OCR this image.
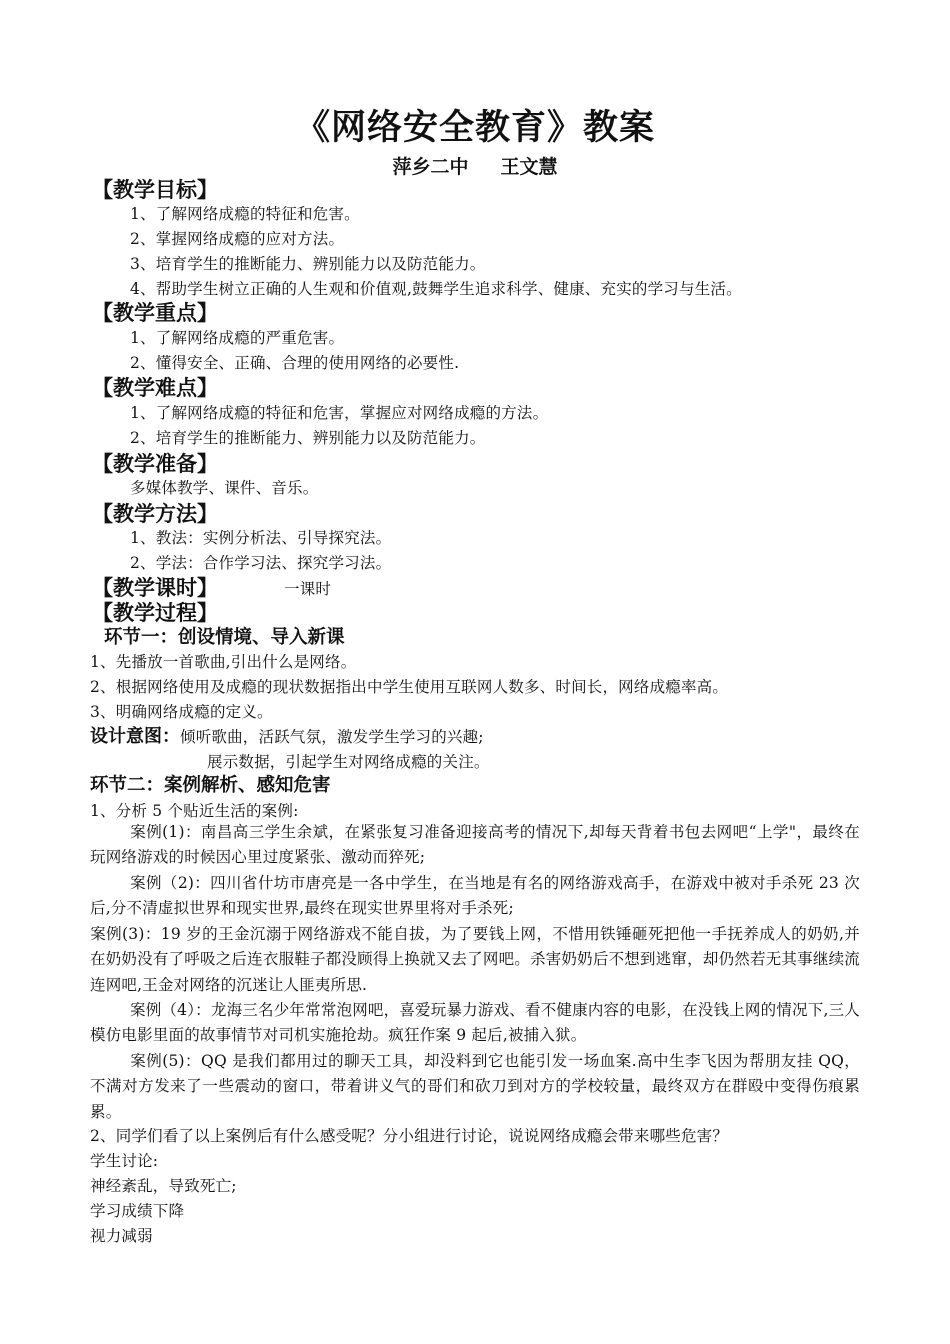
《网络安全教育》教案
萍乡二中 王文慧
【教学目标】
1、了解网络成瘾的特征和危害。
2、掌握网络成瘾的应对方法。
3、培育学生的推断能力、辨别能力以及防范能力。
4、帮助学生树立正确的人生观和价值观,鼓舞学生追求科学、健康、充实的学习与生活。
【教学重点】
1、了解网络成瘾的严重危害。
2、懂得安全、正确、合理的使用网络的必要性.
【教学难点】
1、了解网络成瘾的特征和危害，掌握应对网络成瘾的方法。
2、培育学生的推断能力、辨别能力以及防范能力。
【教学准备】
多媒体教学、课件、音乐。
【教学方法】
1、教法：实例分析法、引导探究法。
2、学法：合作学习法、探究学习法。
【教学课时】	一课时
【教学过程】
环节一：创设情境、导入新课
1、先播放一首歌曲,引出什么是网络。
2、根据网络使用及成瘾的现状数据指出中学生使用互联网人数多、时间长，网络成瘾率高。
3、明确网络成瘾的定义。
设计意图：倾听歌曲，活跃气氛，激发学生学习的兴趣;
展示数据，引起学生对网络成瘾的关注。
环节二：案例解析、感知危害
1、分析 5 个贴近生活的案例:
案例(1)：南昌高三学生余斌，在紧张复习准备迎接高考的情况下,却每天背着书包去网吧“上学"，最终在玩网络游戏的时候因心里过度紧张、激动而猝死;
案例（2)：四川省什坊市唐亮是一各中学生，在当地是有名的网络游戏高手，在游戏中被对手杀死 23 次后,分不清虚拟世界和现实世界,最终在现实世界里将对手杀死;
案例(3)：19 岁的王金沉溺于网络游戏不能自拔，为了要钱上网，不惜用铁锤砸死把他一手抚养成人的奶奶,并在奶奶没有了呼吸之后连衣服鞋子都没顾得上换就又去了网吧。杀害奶奶后不想到逃窜，却仍然若无其事继续流连网吧,王金对网络的沉迷让人匪夷所思.
案例（4）：龙海三名少年常常泡网吧，喜爱玩暴力游戏、看不健康内容的电影，在没钱上网的情况下,三人模仿电影里面的故事情节对司机实施抢劫。疯狂作案 9 起后,被捕入狱。
案例(5)：QQ 是我们都用过的聊天工具，却没料到它也能引发一场血案.高中生李飞因为帮朋友挂 QQ，不满对方发来了一些震动的窗口，带着讲义气的哥们和砍刀到对方的学校较量，最终双方在群殴中变得伤痕累累。
2、同学们看了以上案例后有什么感受呢？分小组进行讨论，说说网络成瘾会带来哪些危害？
学生讨论:
神经紊乱，导致死亡;
学习成绩下降
视力减弱
